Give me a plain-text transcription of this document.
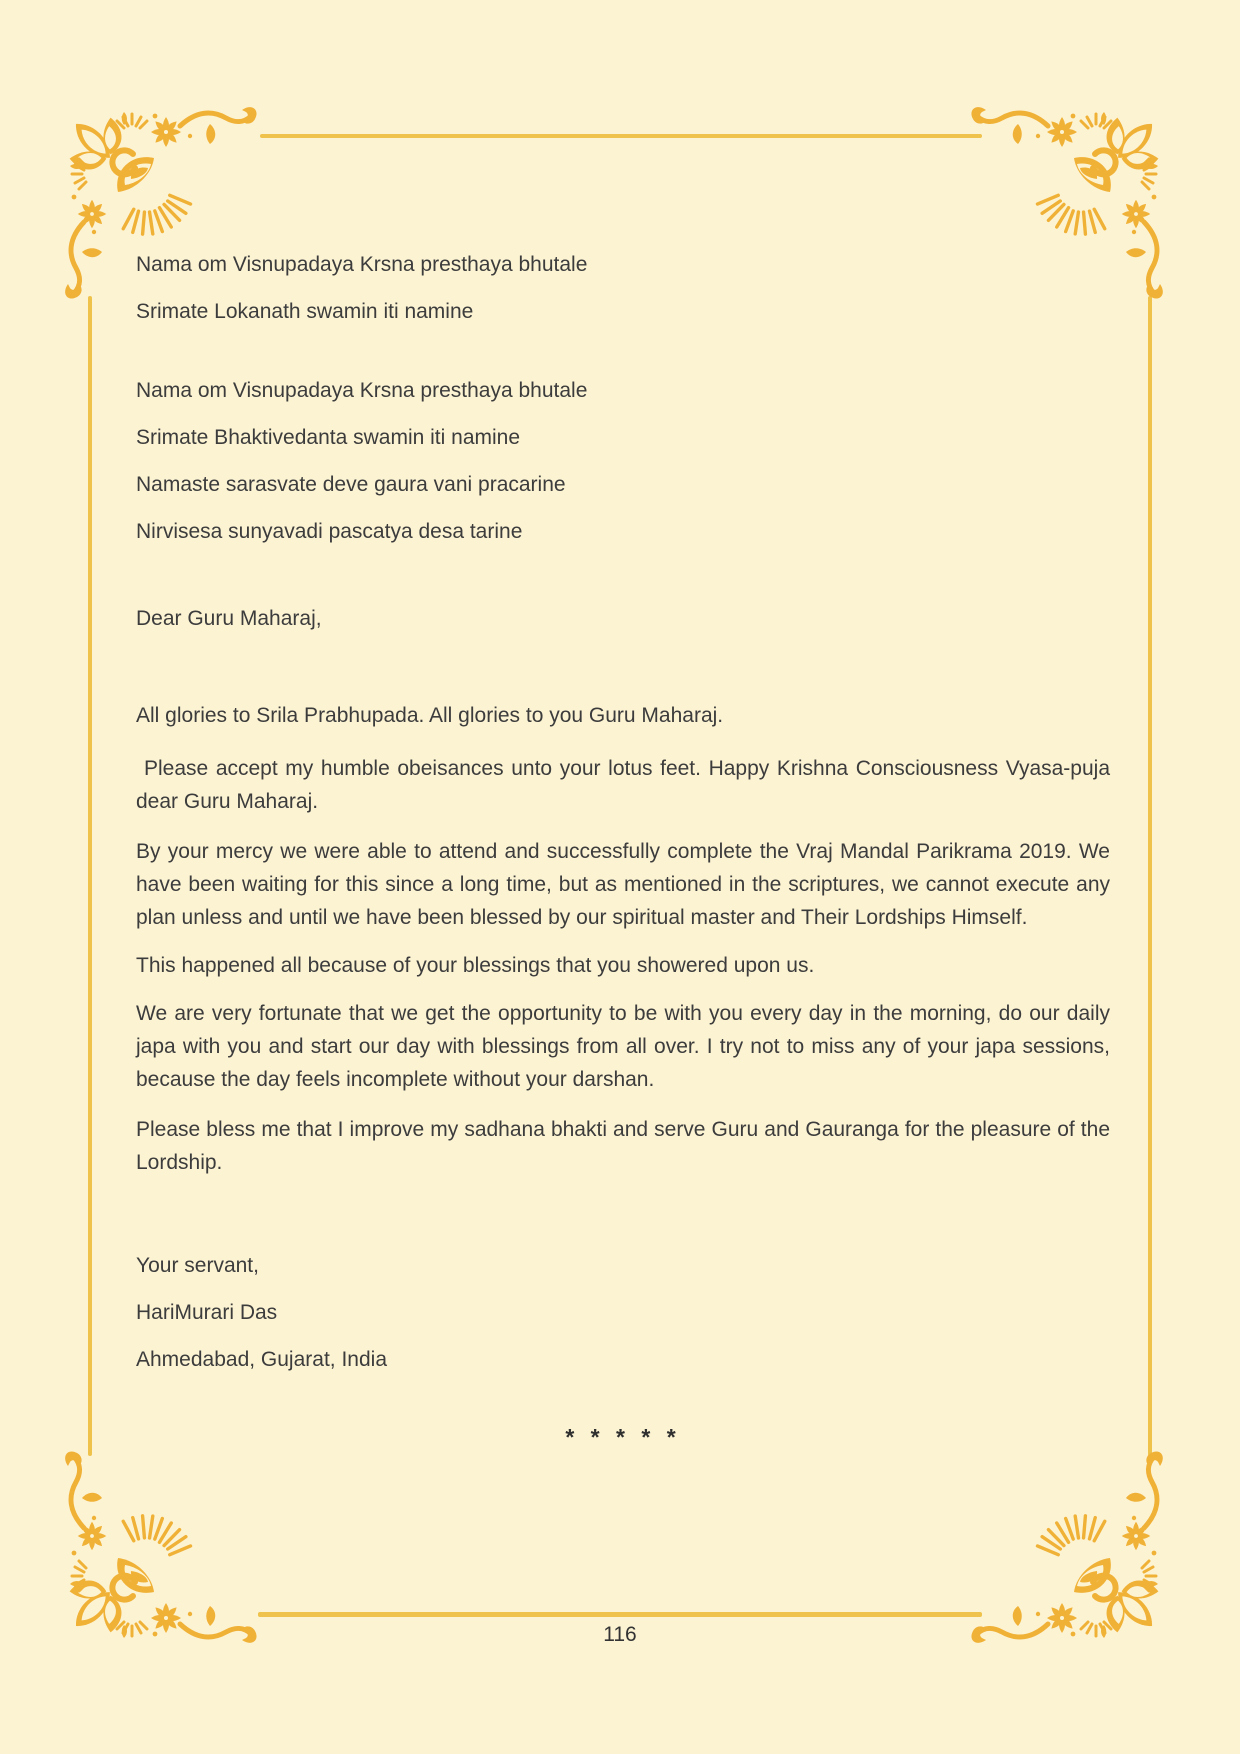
Nama om Visnupadaya Krsna presthaya bhutale

Srimate Lokanath swamin iti namine

Nama om Visnupadaya Krsna presthaya bhutale

Srimate Bhaktivedanta swamin iti namine

Namaste sarasvate deve gaura vani pracarine

Nirvisesa sunyavadi pascatya desa tarine

Dear Guru Maharaj,

All glories to Srila Prabhupada. All glories to you Guru Maharaj.

Please accept my humble obeisances unto your lotus feet. Happy Krishna Consciousness Vyasa-puja dear Guru Maharaj.

By your mercy we were able to attend and successfully complete the Vraj Mandal Parikrama 2019. We have been waiting for this since a long time, but as mentioned in the scriptures, we cannot execute any plan unless and until we have been blessed by our spiritual master and Their Lordships Himself.

This happened all because of your blessings that you showered upon us.

We are very fortunate that we get the opportunity to be with you every day in the morning, do our daily japa with you and start our day with blessings from all over. I try not to miss any of your japa sessions, because the day feels incomplete without your darshan.

Please bless me that I improve my sadhana bhakti and serve Guru and Gauranga for the pleasure of the Lordship.

Your servant,

HariMurari Das

Ahmedabad, Gujarat, India

* * * * *
116
